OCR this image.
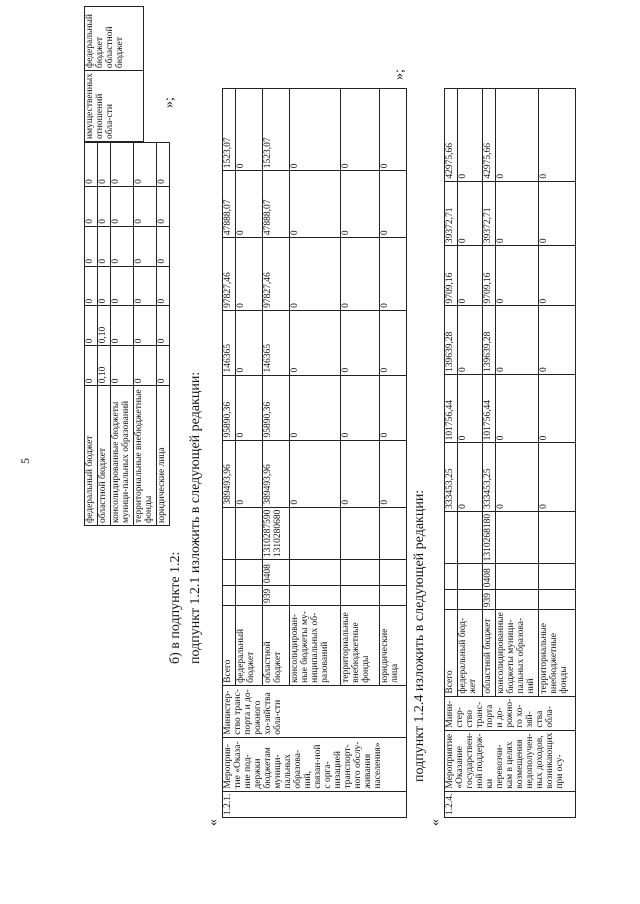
5
имущественных отношений обла-сти	
федеральный бюджет областной бюджет
федеральный бюджет	0	0	0	0	0	0
областной бюджет	0,10	0,10	0	0	0	0
консолидированные бюджеты муници-пальных образований	0	0	0	0	0	0
территориальные внебюджетные фонды	0	0	0	0	0	0
юридические лица	0	0	0	0	0	0
»;
б) в подпункте 1.2: подпункт 1.2.1 изложить в следующей редакции:
«
1.2.1.	Мероприя-тие «Оказа-ние под-держки бюджетам муници-пальных образова-ний, связан-ной с орга-низацией транспорт-ного обслу-живания населения»	Министер-ство транс-порта и до-рожного хо-зяйства обла-сти	Всего				389493,96	95890,36	146365	97827,46	47888,07	1523,07
			федеральный бюджет				0	0	0	0	0	0
			областной бюджет	939	0408	1310287590 1310280680	389493,96	95890,36	146365	97827,46	47888,07	1523,07
			консолидирован-ные бюджеты му-ниципальных об-разований				0	0	0	0	0	0
			территориальные внебюджетные фонды				0	0	0	0	0	0
			юридические лица				0	0	0	0	0	0
»;
подпункт 1.2.4 изложить в следующей редакции:
«
1.2.4.	Мероприятие «Оказание государствен-ной поддерж-ки перевозчи-кам в целях возмещения недополучен-ных доходов, возникающих при осу-	Мини-стер-ство транс-порта и до-рожно-го хо-зяй-ства обла-	Всего				333453,25	101756,44	139639,28	9709,16	39372,71	42975,66
			федеральный бюд-жет				0	0	0	0	0	0
			областной бюджет	939	0408	1310268180	333453,25	101756,44	139639,28	9709,16	39372,71	42975,66
			консолидированные бюджеты муници-пальных образова-ний				0	0	0	0	0	0
			территориальные внебюджетные фонды				0	0	0	0	0	0
